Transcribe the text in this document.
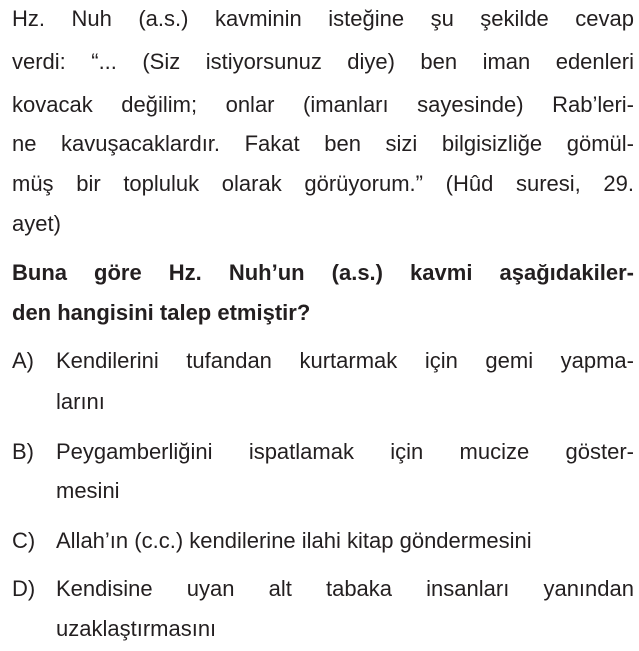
Hz. Nuh (a.s.) kavminin isteğine şu şekilde cevap
verdi: “... (Siz istiyorsunuz diye) ben iman edenleri
kovacak değilim; onlar (imanları sayesinde) Rab’leri-
ne kavuşacaklardır. Fakat ben sizi bilgisizliğe gömül-
müş bir topluluk olarak görüyorum.” (Hûd suresi, 29.
ayet)
Buna göre Hz. Nuh’un (a.s.) kavmi aşağıdakiler-
den hangisini talep etmiştir?
A) Kendilerini tufandan kurtarmak için gemi yapma-
larını
B) Peygamberliğini ispatlamak için mucize göster-
mesini
C) Allah’ın (c.c.) kendilerine ilahi kitap göndermesini
D) Kendisine uyan alt tabaka insanları yanından
uzaklaştırmasını
